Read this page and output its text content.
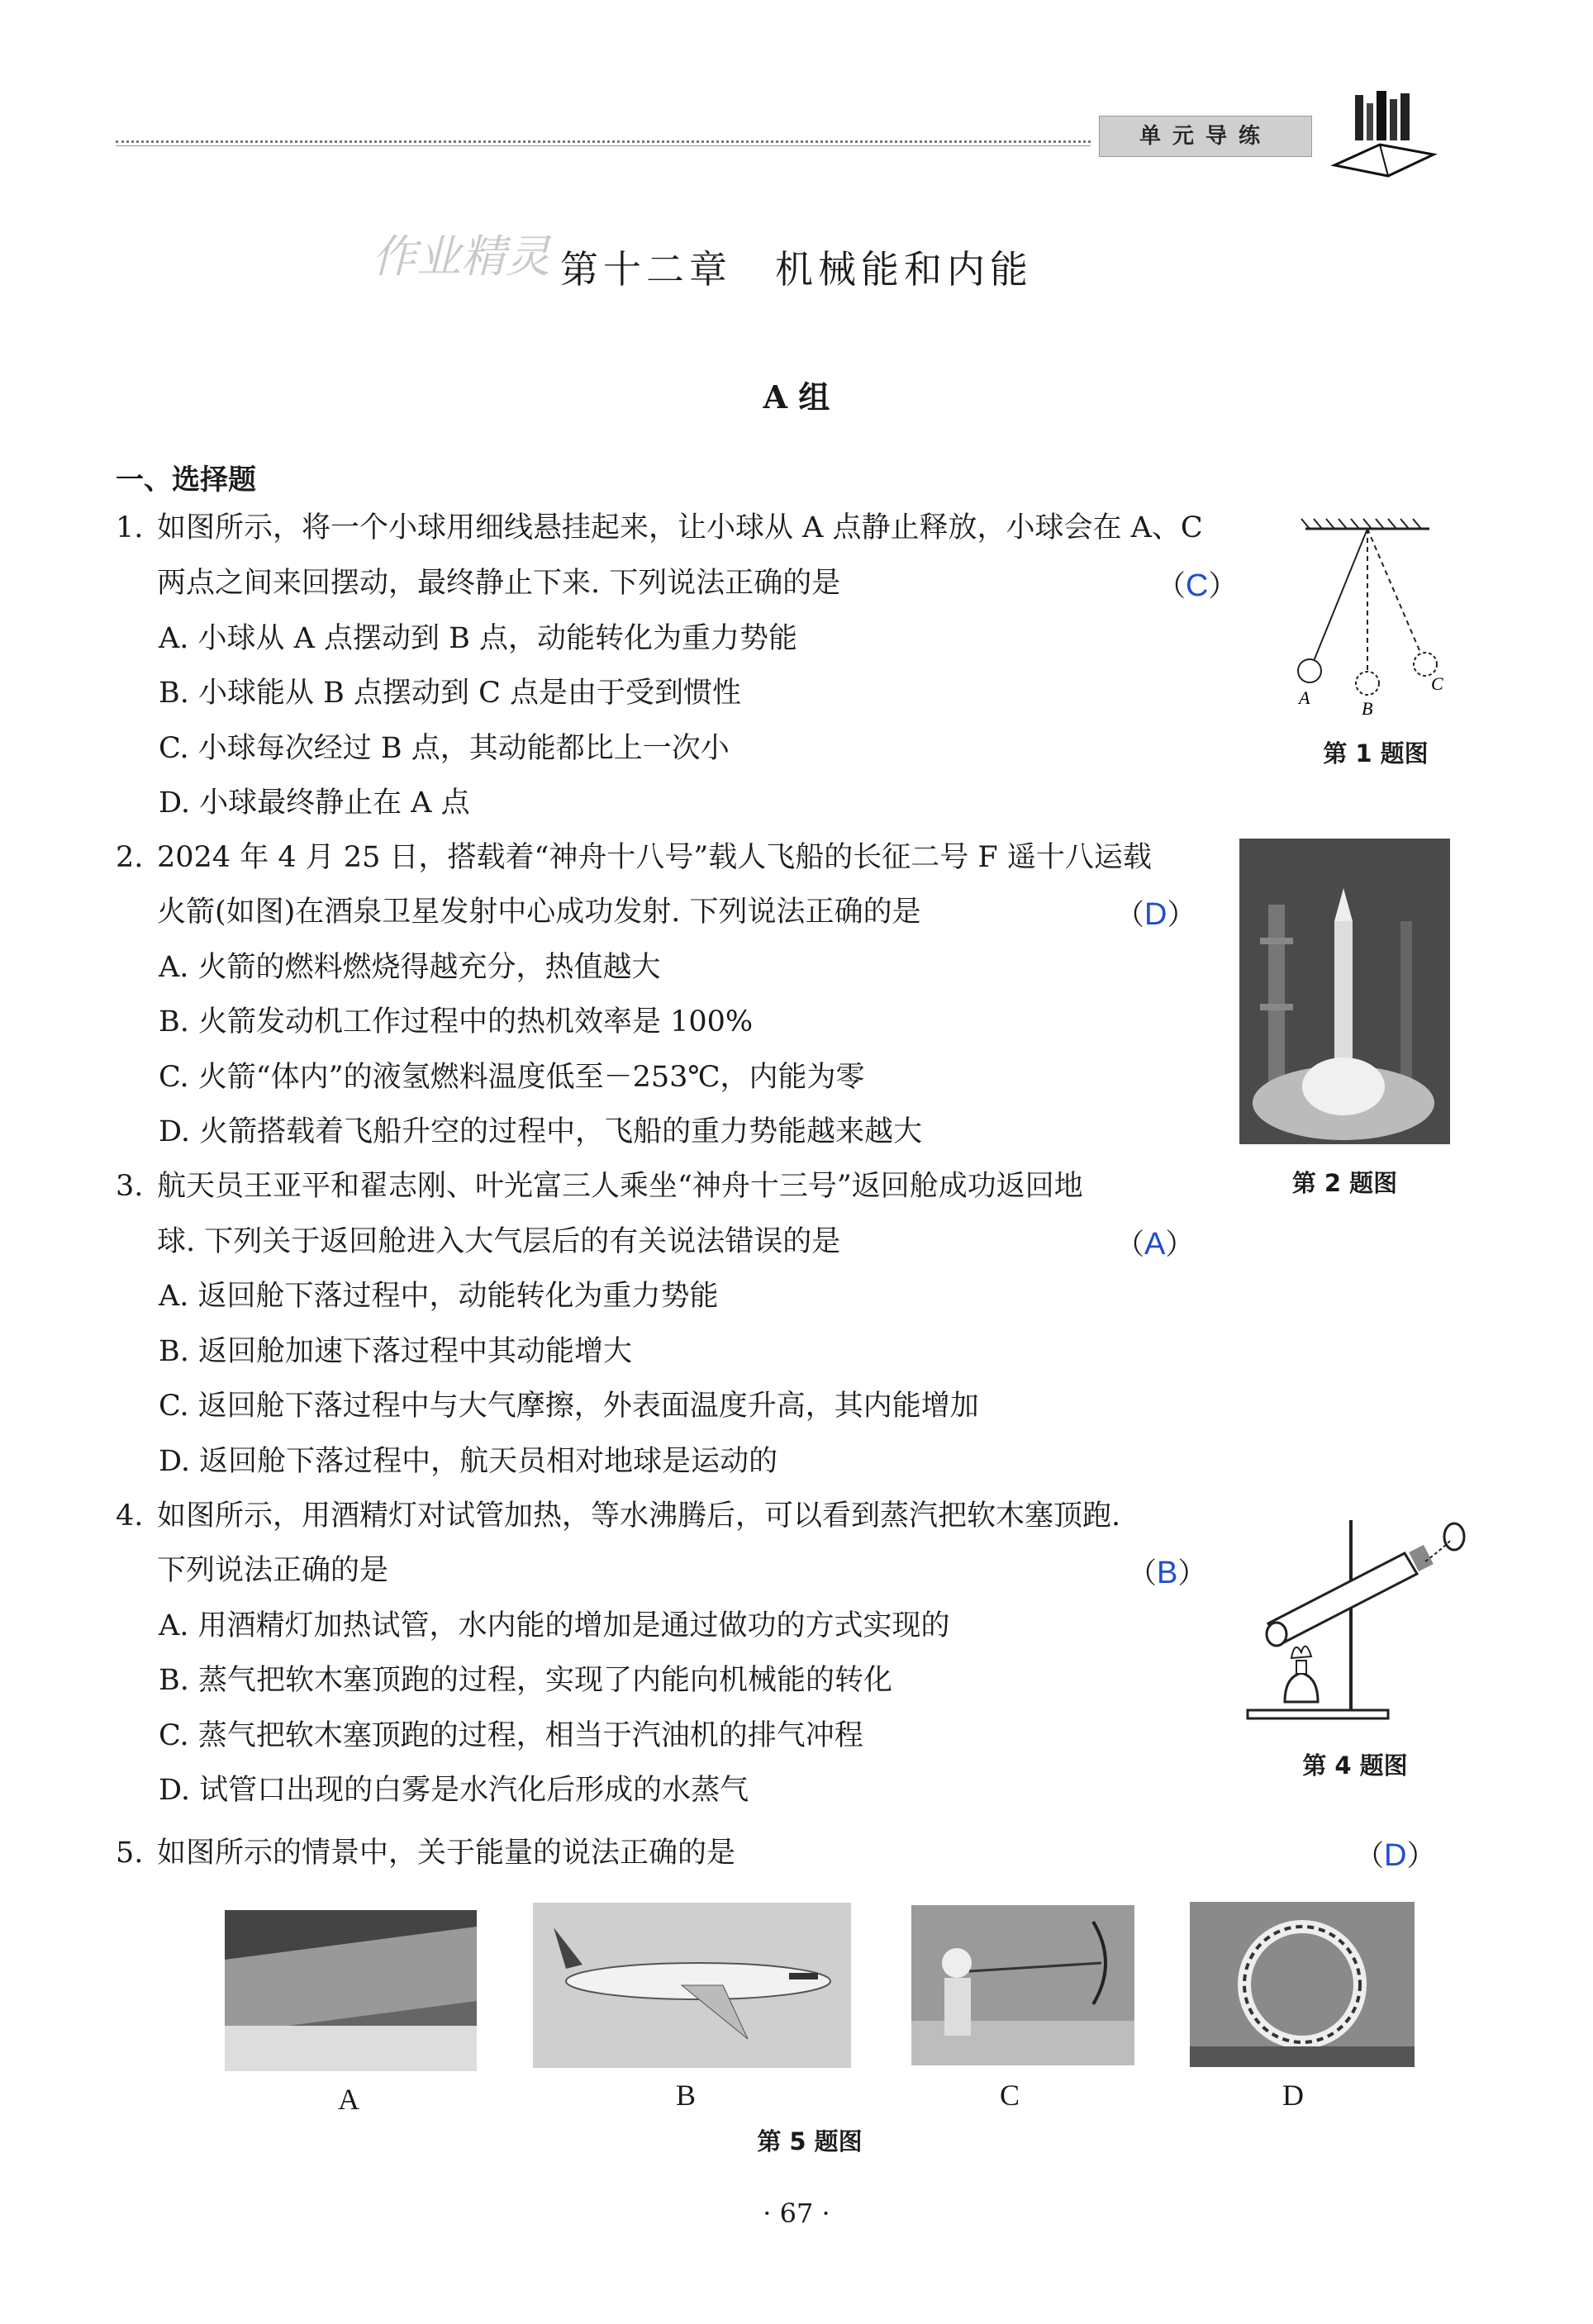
单元导练
作业精灵 第十二章　机械能和内能
A 组
一、选择题
1. 如图所示，将一个小球用细线悬挂起来，让小球从 A 点静止释放，小球会在 A、C
两点之间来回摆动，最终静止下来. 下列说法正确的是	（C）
A. 小球从 A 点摆动到 B 点，动能转化为重力势能
B. 小球能从 B 点摆动到 C 点是由于受到惯性
C. 小球每次经过 B 点，其动能都比上一次小
D. 小球最终静止在 A 点
A
B
C
第 1 题图
2. 2024 年 4 月 25 日，搭载着“神舟十八号”载人飞船的长征二号 F 遥十八运载
火箭(如图)在酒泉卫星发射中心成功发射. 下列说法正确的是	（D）
A. 火箭的燃料燃烧得越充分，热值越大
B. 火箭发动机工作过程中的热机效率是 100%
C. 火箭“体内”的液氢燃料温度低至－253℃，内能为零
D. 火箭搭载着飞船升空的过程中，飞船的重力势能越来越大
第 2 题图
3. 航天员王亚平和翟志刚、叶光富三人乘坐“神舟十三号”返回舱成功返回地
球. 下列关于返回舱进入大气层后的有关说法错误的是	（A）
A. 返回舱下落过程中，动能转化为重力势能
B. 返回舱加速下落过程中其动能增大
C. 返回舱下落过程中与大气摩擦，外表面温度升高，其内能增加
D. 返回舱下落过程中，航天员相对地球是运动的
4. 如图所示，用酒精灯对试管加热，等水沸腾后，可以看到蒸汽把软木塞顶跑.
下列说法正确的是	（B）
A. 用酒精灯加热试管，水内能的增加是通过做功的方式实现的
B. 蒸气把软木塞顶跑的过程，实现了内能向机械能的转化
C. 蒸气把软木塞顶跑的过程，相当于汽油机的排气冲程
D. 试管口出现的白雾是水汽化后形成的水蒸气
第 4 题图
5. 如图所示的情景中，关于能量的说法正确的是	（D）
A	B	C	D
第 5 题图
· 67 ·
